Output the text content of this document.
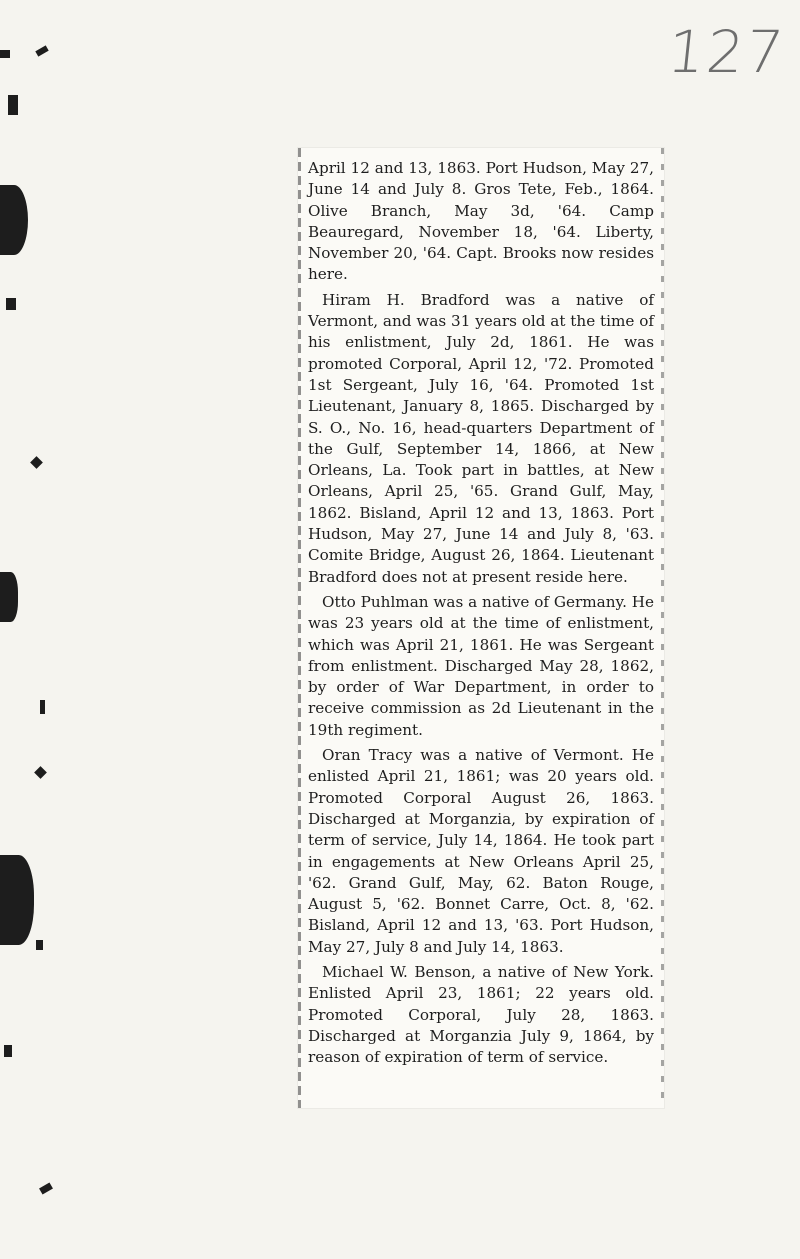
127

April 12 and 13, 1863. Port Hudson, May 27, June 14 and July 8. Gros Tete, Feb., 1864. Olive Branch, May 3d, '64. Camp Beauregard, November 18, '64. Liberty, November 20, '64. Capt. Brooks now resides here.

Hiram H. Bradford was a native of Vermont, and was 31 years old at the time of his enlistment, July 2d, 1861. He was promoted Corporal, April 12, '72. Promoted 1st Sergeant, July 16, '64. Promoted 1st Lieutenant, January 8, 1865. Discharged by S. O., No. 16, head-quarters Department of the Gulf, September 14, 1866, at New Orleans, La. Took part in battles, at New Orleans, April 25, '65. Grand Gulf, May, 1862. Bisland, April 12 and 13, 1863. Port Hudson, May 27, June 14 and July 8, '63. Comite Bridge, August 26, 1864. Lieutenant Bradford does not at present reside here.

Otto Puhlman was a native of Germany. He was 23 years old at the time of enlistment, which was April 21, 1861. He was Sergeant from enlistment. Discharged May 28, 1862, by order of War Department, in order to receive commission as 2d Lieutenant in the 19th regiment.

Oran Tracy was a native of Vermont. He enlisted April 21, 1861; was 20 years old. Promoted Corporal August 26, 1863. Discharged at Morganzia, by expiration of term of service, July 14, 1864. He took part in engagements at New Orleans April 25, '62. Grand Gulf, May, 62. Baton Rouge, August 5, '62. Bonnet Carre, Oct. 8, '62. Bisland, April 12 and 13, '63. Port Hudson, May 27, July 8 and July 14, 1863.

Michael W. Benson, a native of New York. Enlisted April 23, 1861; 22 years old. Promoted Corporal, July 28, 1863. Discharged at Morganzia July 9, 1864, by reason of expiration of term of service.
